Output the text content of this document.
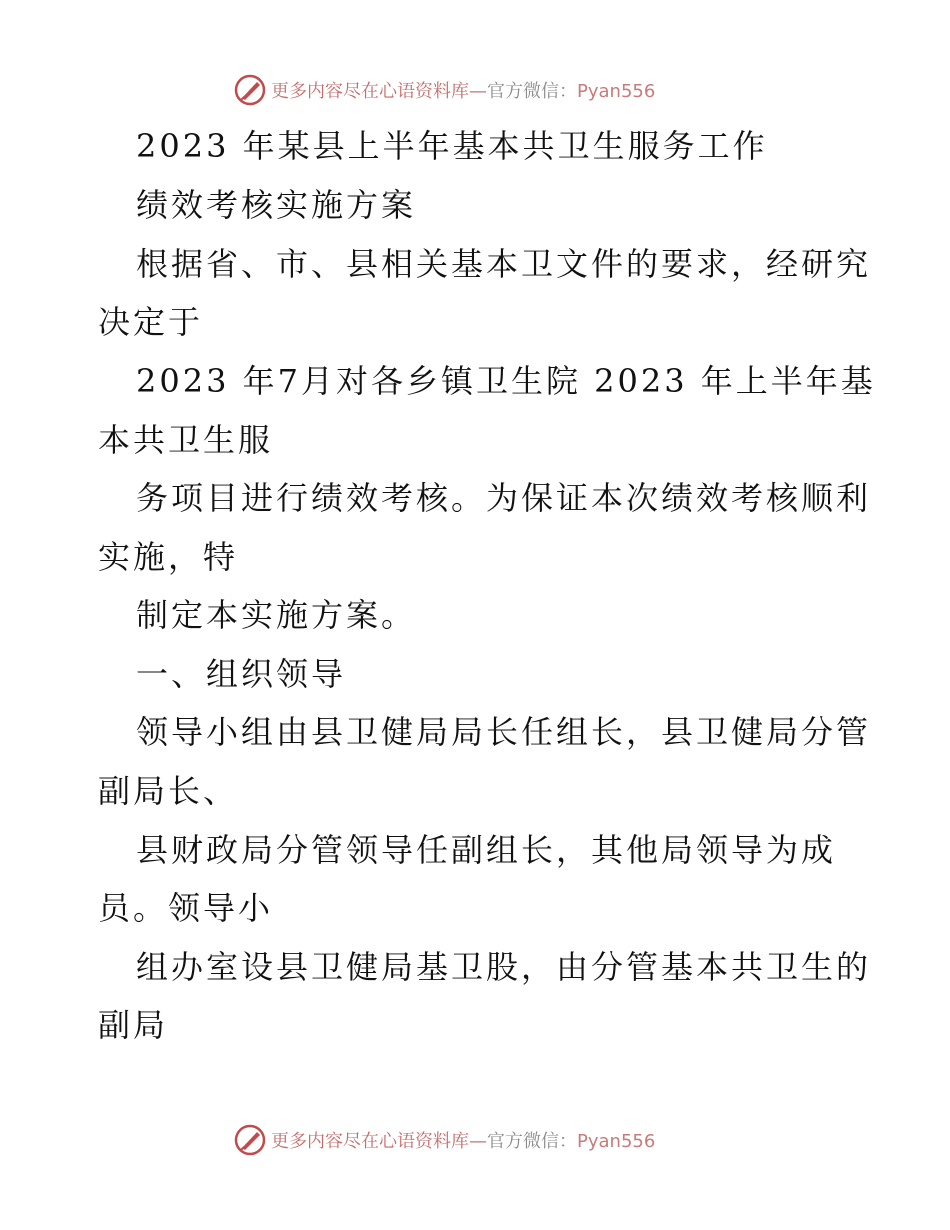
更多内容尽在心语资料库—官方微信：Pyan556
2023 年某县上半年基本共卫生服务工作
绩效考核实施方案
根据省、市、县相关基本卫文件的要求，经研究
决定于
2023 年7月对各乡镇卫生院 2023 年上半年基
本共卫生服
务项目进行绩效考核。为保证本次绩效考核顺利
实施，特
制定本实施方案。
一、组织领导
领导小组由县卫健局局长任组长，县卫健局分管
副局长、
县财政局分管领导任副组长，其他局领导为成
员。领导小
组办室设县卫健局基卫股，由分管基本共卫生的
副局
更多内容尽在心语资料库—官方微信：Pyan556
